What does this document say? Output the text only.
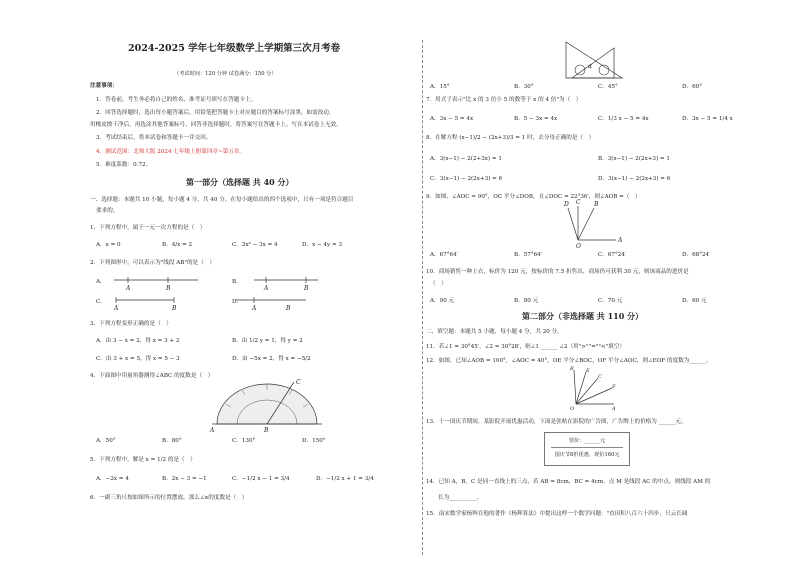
2024-2025 学年七年级数学上学期第三次月考卷
（考试时间：120 分钟 试卷满分：150 分）
注意事项：
1．答卷前，考生务必将自己的姓名、准考证号填写在答题卡上。
2．回答选择题时，选出每小题答案后，用铅笔把答题卡上对应题目的答案标号涂黑。如需改动，
用橡皮擦干净后，再选涂其他答案标号。回答非选择题时，将答案写在答题卡上。写在本试卷上无效。
3．考试结束后，将本试卷和答题卡一并交回。
4．测试范围：北师大版 2024 七年级上册第四章~第五章。
5．难度系数：0.72。
第一部分（选择题 共 40 分）
一、选择题：本题共 10 小题，每小题 4 分，共 40 分。在每小题给出的四个选项中，只有一项是符合题目
要求的。
1．下列方程中，属于一元一次方程的是（　）
A．x = 0	B．4/x = 2	C．2x² − 3x = 4	D．x − 4y = 3
2．下列图形中，可以表示为"线段 AB"的是（　）
A．	B．
C．	D．
A	B	A	B
A	B	A	B
3．下列方程变形正确的是（　）
A．由 3 − x = 2，得 x = 3 + 2	B．由 1/2 y = 1，得 y = 2
C．由 3 + x = 5，得 x = 5 − 3	D．由 −5x = 2，得 x = −5/2
4．下面图中用量角器测得∠ABC 的度数是（　）
A	B
C
A．50°	B．80°	C．130°	D．150°
5．下列方程中，解是 x = 1/2 的是（　）
A．−2x = 4	B．2x − 3 = −1	C．−1/2 x − 1 = 3/4	D．−1/2 x + 1 = 3/4
6．一副三角尺按如图所示的位置摆放，那么∠α的度数是（　）
α
A．15°	B．30°	C．45°	D．60°
7．用式子表示"比 x 的 3 倍小 5 的数等于 x 的 4 倍"为（　）
A．3x − 5 = 4x	B．5 − 3x = 4x	C．1/3 x − 5 = 4x	D．3x − 5 = 1/4 x
8．在解方程 (x−1)/2 − (2x+3)/3 = 1 时，去分母正确的是（　）
A．3(x−1) − 2(2+3x) = 1	B．3(x−1) − 2(2x+3) = 1
C．3(x−1) − 2(2x+3) = 6	D．3(x−1) − 2(2x+3) = 6
9．如图，∠AOC = 90°，OC 平分∠DOB，且∠DOC = 22°36′，则∠AOB =（　）
D C B
O
A
A．67°64′	B．57°64′	C．67°24′	D．68°24′
10．商场销售一种上衣，标价为 120 元，按标价的 7.5 折售出，商场仍可获利 30 元，则该商品的进价是
（　）
A．90 元	B．80 元	C．70 元	D．60 元
第二部分（非选择题 共 110 分）
二、填空题：本题共 5 小题，每小题 4 分，共 20 分。
11．若∠1 = 30°45′，∠2 = 30°28′，则∠1 ______ ∠2（用">""=""<"填空）
12．如图，已知∠AOB = 100°，∠AOC = 40°，OE 平分∠BOC，OF 平分∠AOC，则∠EOF 的度数为______。
B
O	A
F
C
E
13．十一国庆节期间，某影院开展优惠活动，下面是张贴在影院的广告图，广告牌上的价格为 ______元。
票价：______元
国庆节8折优惠，现价160元
14．已知 A，B，C 是同一直线上的三点，若 AB = 8cm，BC = 4cm，点 M 是线段 AC 的中点，则线段 AM 的
长为__________。
15．南宋数学家杨辉在他的著作《杨辉算法》中提出这样一个数学问题："直田积八百六十四步，只云长阔
